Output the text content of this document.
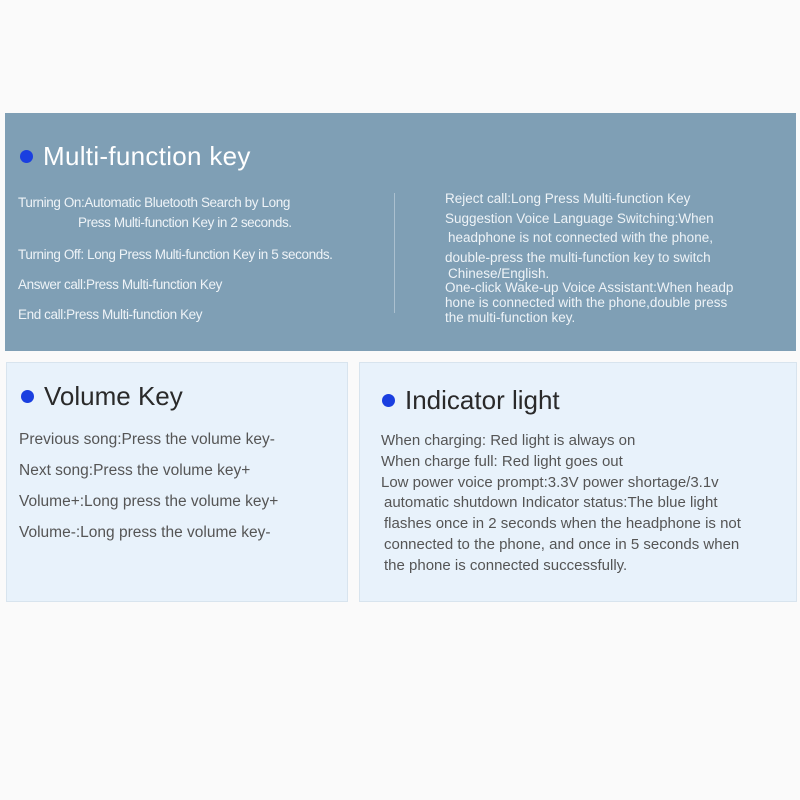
Multi-function key
Turning On:Automatic Bluetooth Search by Long
Press Multi-function Key in 2 seconds.
Turning Off: Long Press Multi-function Key in 5 seconds.
Answer call:Press Multi-function Key
End call:Press Multi-function Key
Reject call:Long Press Multi-function Key
Suggestion Voice Language Switching:When
headphone is not connected with the phone,
double-press the multi-function key to switch
Chinese/English.
One-click Wake-up Voice Assistant:When headp
hone is connected with the phone,double press
the multi-function key.
Volume Key
Previous song:Press the volume key-
Next song:Press the volume key+
Volume+:Long press the volume key+
Volume-:Long press the volume key-
Indicator light
When charging: Red light is always on
When charge full: Red light goes out
Low power voice prompt:3.3V power shortage/3.1v
automatic shutdown Indicator status:The blue light
flashes once in 2 seconds when the headphone is not
connected to the phone, and once in 5 seconds when
the phone is connected successfully.
